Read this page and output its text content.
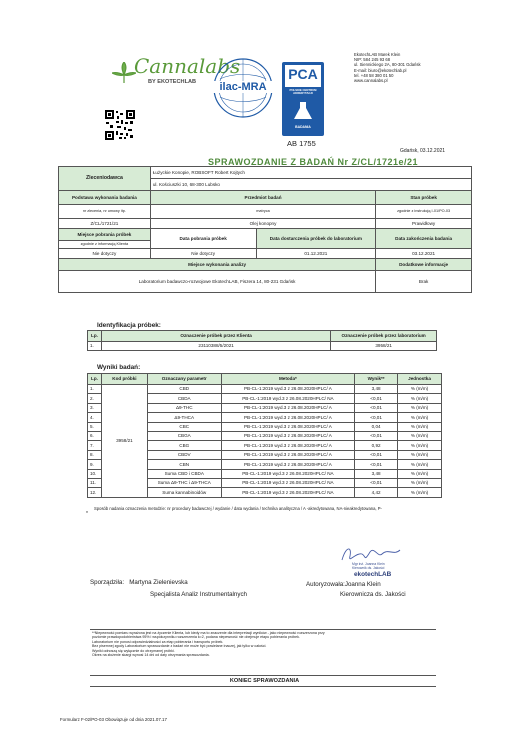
Cannalabs
BY EKOTECHLAB	ilac-MRA
PCA
POLSKIE CENTRUM AKREDYTACJI
BADANIA
AB 1755
EkotechLAB Marek Klein
NIP: 584 245 93 68
ul. Siennickiego 2A, 80-301 Gdańsk
E-mail: biuro@ekotechlab.pl
tel. +48 58 380 01 50
www.cannalabs.pl
Gdańsk, 03.12.2021
SPRAWOZDANIE Z BADAŃ Nr Z/CL/1721e/21
Zleceniodawca	Łużyckie Konopie, ROBSOFT Robert Kojtych		
	ul. Kościuszki 10, 68-300 Lubsko		
Podstawa wykonania badania	Przedmiot badań		Stan próbek
nr zlecenia, nr umowy itp.	matryca		zgodnie z instrukcją I-01/PO-03
Z/CL/1721/21	Olej konopny		Prawidłowy
Miejsce pobrania próbek	Data pobrania próbek	Data dostarczenia próbek do laboratorium	Data zakończenia badania
zgodnie z informacją Klienta			
Nie dotyczy	Nie dotyczy	01.12.2021	03.12.2021
Miejsce wykonania analizy			Dodatkowe informacje
Laboratorium badawczo-rozwojowe EkotechLAB, Fiszera 14, 80-231 Gdańsk			Brak
Identyfikacja próbek:
Lp.	Oznaczenie próbek przez Klienta	Oznaczenie próbek przez laboratorium
1.	23110388/5/2021	3958/21
Wyniki badań:
Lp.	Kod próbki	Oznaczany parametr	Metoda*	Wynik**	Jednostka
1.	3958/21	CBD	PB-CL-1:2019 wyd.3 z 26.08.2020HPLC/ A	3,48	% (m/m)
2.		CBDA	PB-CL-1:2019 wyd.3 z 26.08.2020HPLC/ NA	<0,01	% (m/m)
3.		Δ9-THC	PB-CL-1:2019 wyd.3 z 26.08.2020HPLC/ A	<0,01	% (m/m)
4.		Δ9-THCA	PB-CL-1:2019 wyd.3 z 26.08.2020HPLC/ A	<0,01	% (m/m)
5.		CBC	PB-CL-1:2019 wyd.3 z 26.08.2020HPLC/ A	0,04	% (m/m)
6.		CBGA	PB-CL-1:2019 wyd.3 z 26.08.2020HPLC/ A	<0,01	% (m/m)
7.		CBG	PB-CL-1:2019 wyd.3 z 26.08.2020HPLC/ A	0,92	% (m/m)
8.		CBDV	PB-CL-1:2019 wyd.3 z 26.08.2020HPLC/ A	<0,01	% (m/m)
9.		CBN	PB-CL-1:2019 wyd.3 z 26.08.2020HPLC/ A	<0,01	% (m/m)
10.		Suma CBD i CBDA	PB-CL-1:2019 wyd.3 z 26.08.2020HPLC/ NA	3,48	% (m/m)
11.		Suma Δ9-THC i Δ9-THCA	PB-CL-1:2019 wyd.3 z 26.08.2020HPLC/ NA	<0,01	% (m/m)
12.		Suma kannabinoidów	PB-CL-1:2019 wyd.3 z 26.08.2020HPLC/ NA	4,42	% (m/m)
*
Sposób nadania oznaczenia metodzie: nr procedury badawczej / wydanie / data wydania / technika analityczna / A -akredytowana, NA-nieakredytowana, P-
Mgr inż. Joanna Klein
Kierownik ds. Jakości
ekotechLAB
Sporządziła: Martyna Zielenievska
Specjalista Analiz Instrumentalnych
Autoryzowała:Joanna Klein
Kierownicza ds. Jakości
**Niepewność pomiaru wyrażona jest na życzenie Klienta, lub kiedy ma to znaczenie dla interpretacji wyników - jako niepewność rozszerzona przy
poziomie prawdopodobieństwa 95% i współczynniku rozszerzenia k=2, podana niepewność nie obejmuje etapu pobierania próbek.
Laboratorium nie ponosi odpowiedzialności za etap pobierania i transportu próbek.
Bez pisemnej zgody Laboratorium sprawozdanie z badań nie może być powielane inaczej, jak tylko w całości.
Wyniki odnoszą się wyłącznie do otrzymanej próbki.
Okres na złożenie skargi wynosi 14 dni od daty otrzymania sprawozdania.
KONIEC SPRAWOZDANIA
Formularz F-02/PO-03 Obowiązuje od dnia 2021.07.17
